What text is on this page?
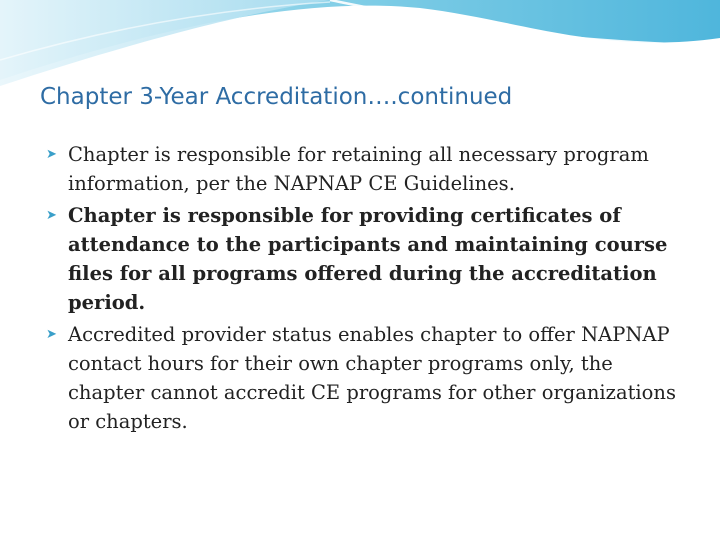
Chapter 3-Year Accreditation….continued
➤ Chapter is responsible for retaining all necessary program information, per the NAPNAP CE Guidelines.
➤ Chapter is responsible for providing certificates of attendance to the participants and maintaining course files for all programs offered during the accreditation period.
➤ Accredited provider status enables chapter to offer NAPNAP contact hours for their own chapter programs only, the chapter cannot accredit CE programs for other organizations or chapters.
